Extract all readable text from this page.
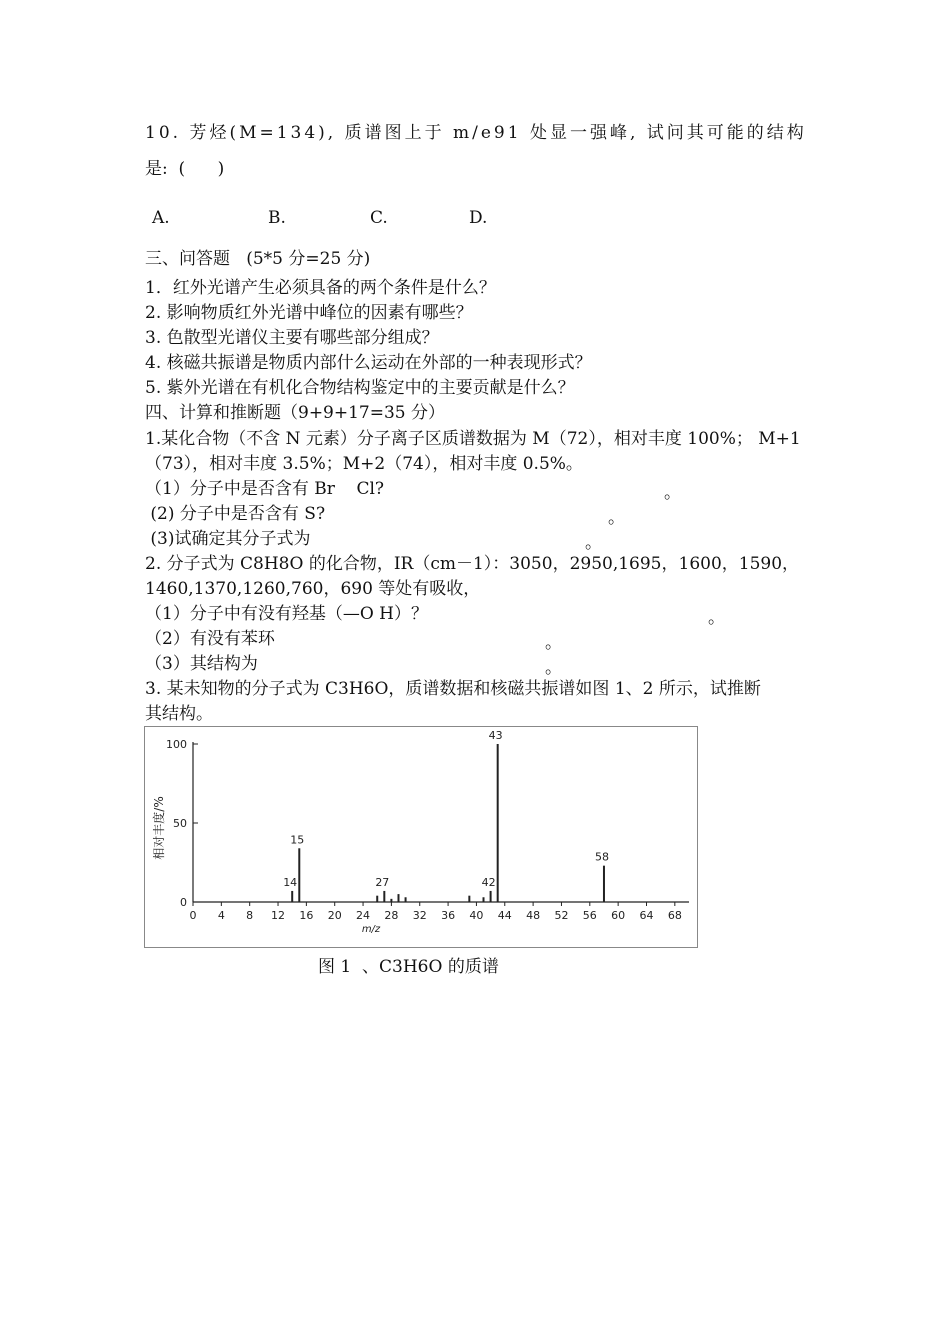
10. 芳烃(M=134), 质谱图上于 m/e91 处显一强峰, 试问其可能的结构
是:  (      )
A.	B.	C.	D.
三、问答题   (5*5 分=25 分)
1．红外光谱产生必须具备的两个条件是什么？
2. 影响物质红外光谱中峰位的因素有哪些？
3. 色散型光谱仪主要有哪些部分组成？
4. 核磁共振谱是物质内部什么运动在外部的一种表现形式？
5. 紫外光谱在有机化合物结构鉴定中的主要贡献是什么？
四、计算和推断题（9+9+17=35 分）
1.某化合物（不含 N 元素）分子离子区质谱数据为 M（72），相对丰度 100%； M+1
（73），相对丰度 3.5%；M+2（74），相对丰度 0.5%。
（1）分子中是否含有 Br    Cl?	。
(2) 分子中是否含有 S?	。
(3)试确定其分子式为	。
2. 分子式为 C8H8O 的化合物，IR（cm－1）：3050，2950,1695，1600，1590，
1460,1370,1260,760，690 等处有吸收，
（1）分子中有没有羟基（—O H）？	。
（2）有没有苯环	。
（3）其结构为	。
3. 某未知物的分子式为 C3H6O，质谱数据和核磁共振谱如图 1、2 所示，试推断
其结构。
0
50
100
0 4 8 12 16 20 24 28 32 36 40 44 48 52 56 60 64 68
m/z
相对丰度/%
14
15
27	42
43
58
图 1  、C3H6O 的质谱
